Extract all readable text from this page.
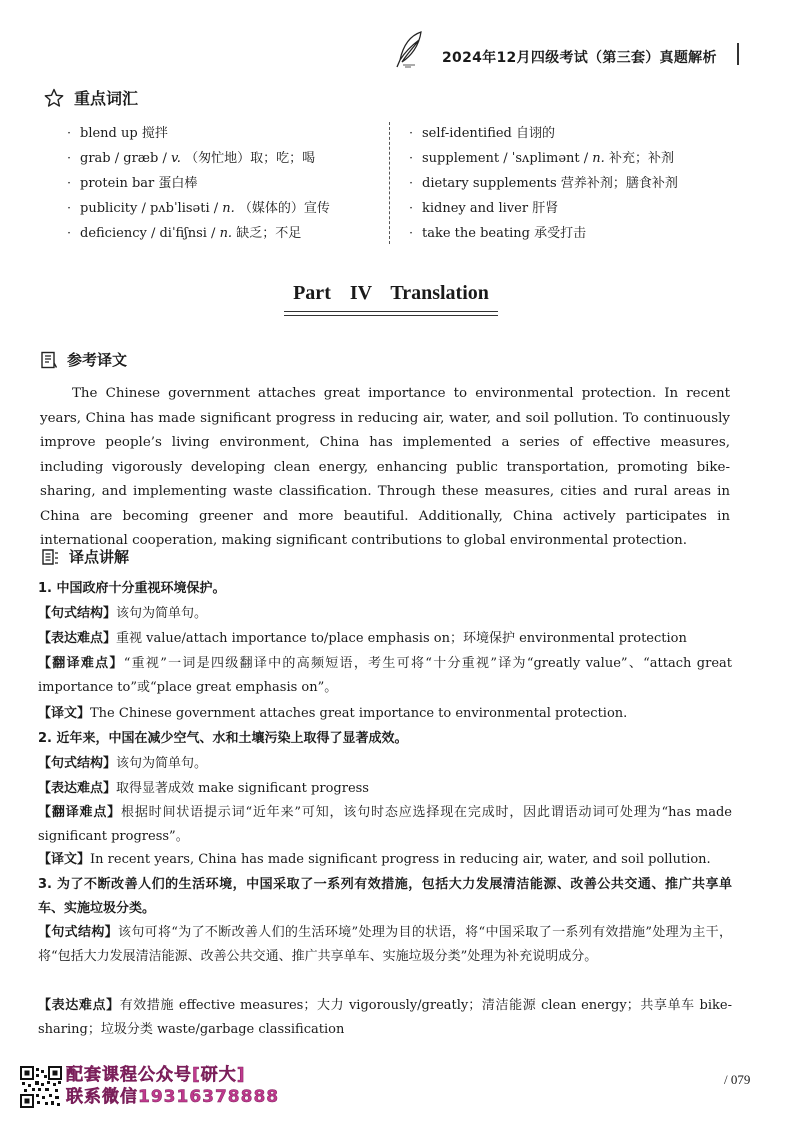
2024年12月四级考试（第三套）真题解析
重点词汇
· blend up 搅拌
· grab / græb / v. （匆忙地）取；吃；喝
· protein bar 蛋白棒
· publicity / pʌbˈlisəti / n. （媒体的）宣传
· deficiency / diˈfiʃnsi / n. 缺乏；不足
· self-identified 自诩的
· supplement / ˈsʌplimənt / n. 补充；补剂
· dietary supplements 营养补剂；膳食补剂
· kidney and liver 肝肾
· take the beating 承受打击
Part IV Translation
参考译文
The Chinese government attaches great importance to environmental protection. In recent years, China has made significant progress in reducing air, water, and soil pollution. To continuously improve people’s living environment, China has implemented a series of effective measures, including vigorously developing clean energy, enhancing public transportation, promoting bike-sharing, and implementing waste classification. Through these measures, cities and rural areas in China are becoming greener and more beautiful. Additionally, China actively participates in international cooperation, making significant contributions to global environmental protection.
译点讲解
1. 中国政府十分重视环境保护。
【句式结构】该句为简单句。
【表达难点】重视 value/attach importance to/place emphasis on；环境保护 environmental protection
【翻译难点】“重视”一词是四级翻译中的高频短语，考生可将“十分重视”译为“greatly value”、“attach great importance to”或“place great emphasis on”。
【译文】The Chinese government attaches great importance to environmental protection.
2. 近年来，中国在减少空气、水和土壤污染上取得了显著成效。
【句式结构】该句为简单句。
【表达难点】取得显著成效 make significant progress
【翻译难点】根据时间状语提示词“近年来”可知，该句时态应选择现在完成时，因此谓语动词可处理为“has made significant progress”。
【译文】In recent years, China has made significant progress in reducing air, water, and soil pollution.
3. 为了不断改善人们的生活环境，中国采取了一系列有效措施，包括大力发展清洁能源、改善公共交通、推广共享单车、实施垃圾分类。
【句式结构】该句可将“为了不断改善人们的生活环境”处理为目的状语，将“中国采取了一系列有效措施”处理为主干，将“包括大力发展清洁能源、改善公共交通、推广共享单车、实施垃圾分类”处理为补充说明成分。
【表达难点】有效措施 effective measures；大力 vigorously/greatly；清洁能源 clean energy；共享单车 bike-sharing；垃圾分类 waste/garbage classification
配套课程公众号[研大]
联系微信19316378888
/ 079
